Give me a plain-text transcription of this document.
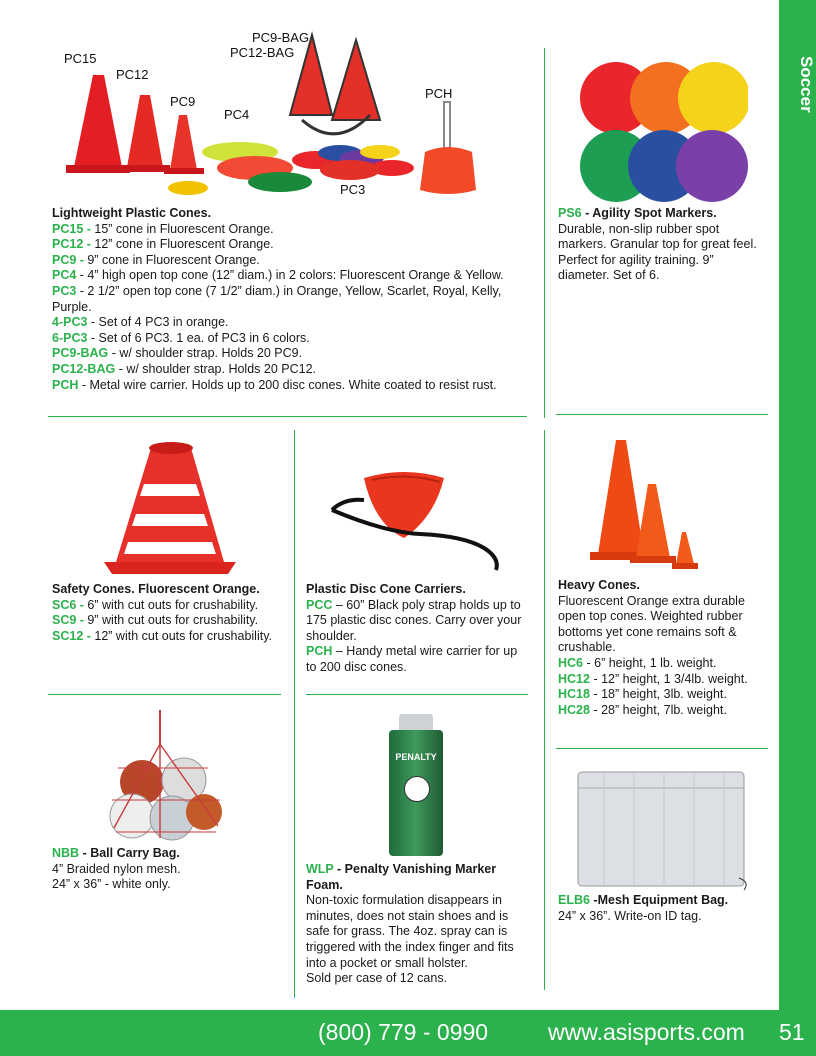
Soccer
(800) 779 - 0990	www.asisports.com 51
PC15
PC12
PC9
PC4
PC9-BAG
PC12-BAG
PCH
PC3

Lightweight Plastic Cones.

PC15 - 15” cone in Fluorescent Orange.

PC12 - 12” cone in Fluorescent Orange.

PC9 - 9” cone in Fluorescent Orange.

PC4 - 4” high open top cone (12” diam.) in 2 colors: Fluorescent Orange & Yellow.

PC3 - 2 1/2” open top cone (7 1/2” diam.) in Orange, Yellow, Scarlet, Royal, Kelly, Purple.

4-PC3 - Set of 4 PC3 in orange.

6-PC3 - Set of 6 PC3. 1 ea. of PC3 in 6 colors.

PC9-BAG - w/ shoulder strap. Holds 20 PC9.

PC12-BAG - w/ shoulder strap. Holds 20 PC12.

PCH - Metal wire carrier. Holds up to 200 disc cones. White coated to resist rust.

PS6 - Agility Spot Markers.

Durable, non-slip rubber spot markers. Granular top for great feel. Perfect for agility training. 9” diameter. Set of 6.

Safety Cones. Fluorescent Orange.

SC6 - 6” with cut outs for crushability.

SC9 - 9” with cut outs for crushability.

SC12 - 12” with cut outs for crushability.

Plastic Disc Cone Carriers.

PCC – 60” Black poly strap holds up to 175 plastic disc cones. Carry over your shoulder.

PCH – Handy metal wire carrier for up to 200 disc cones.

Heavy Cones.

Fluorescent Orange extra durable open top cones. Weighted rubber bottoms yet cone remains soft & crushable.

HC6 - 6” height, 1 lb. weight.

HC12 - 12” height, 1 3/4lb. weight.

HC18 - 18” height, 3lb. weight.

HC28 - 28” height, 7lb. weight.

NBB - Ball Carry Bag.

4” Braided nylon mesh.

24” x 36” - white only.

PENALTY

WLP - Penalty Vanishing Marker Foam.

Non-toxic formulation disappears in minutes, does not stain shoes and is safe for grass. The 4oz. spray can is triggered with the index finger and fits into a pocket or small holster.

Sold per case of 12 cans.

ELB6 -Mesh Equipment Bag.

24” x 36”. Write-on ID tag.
